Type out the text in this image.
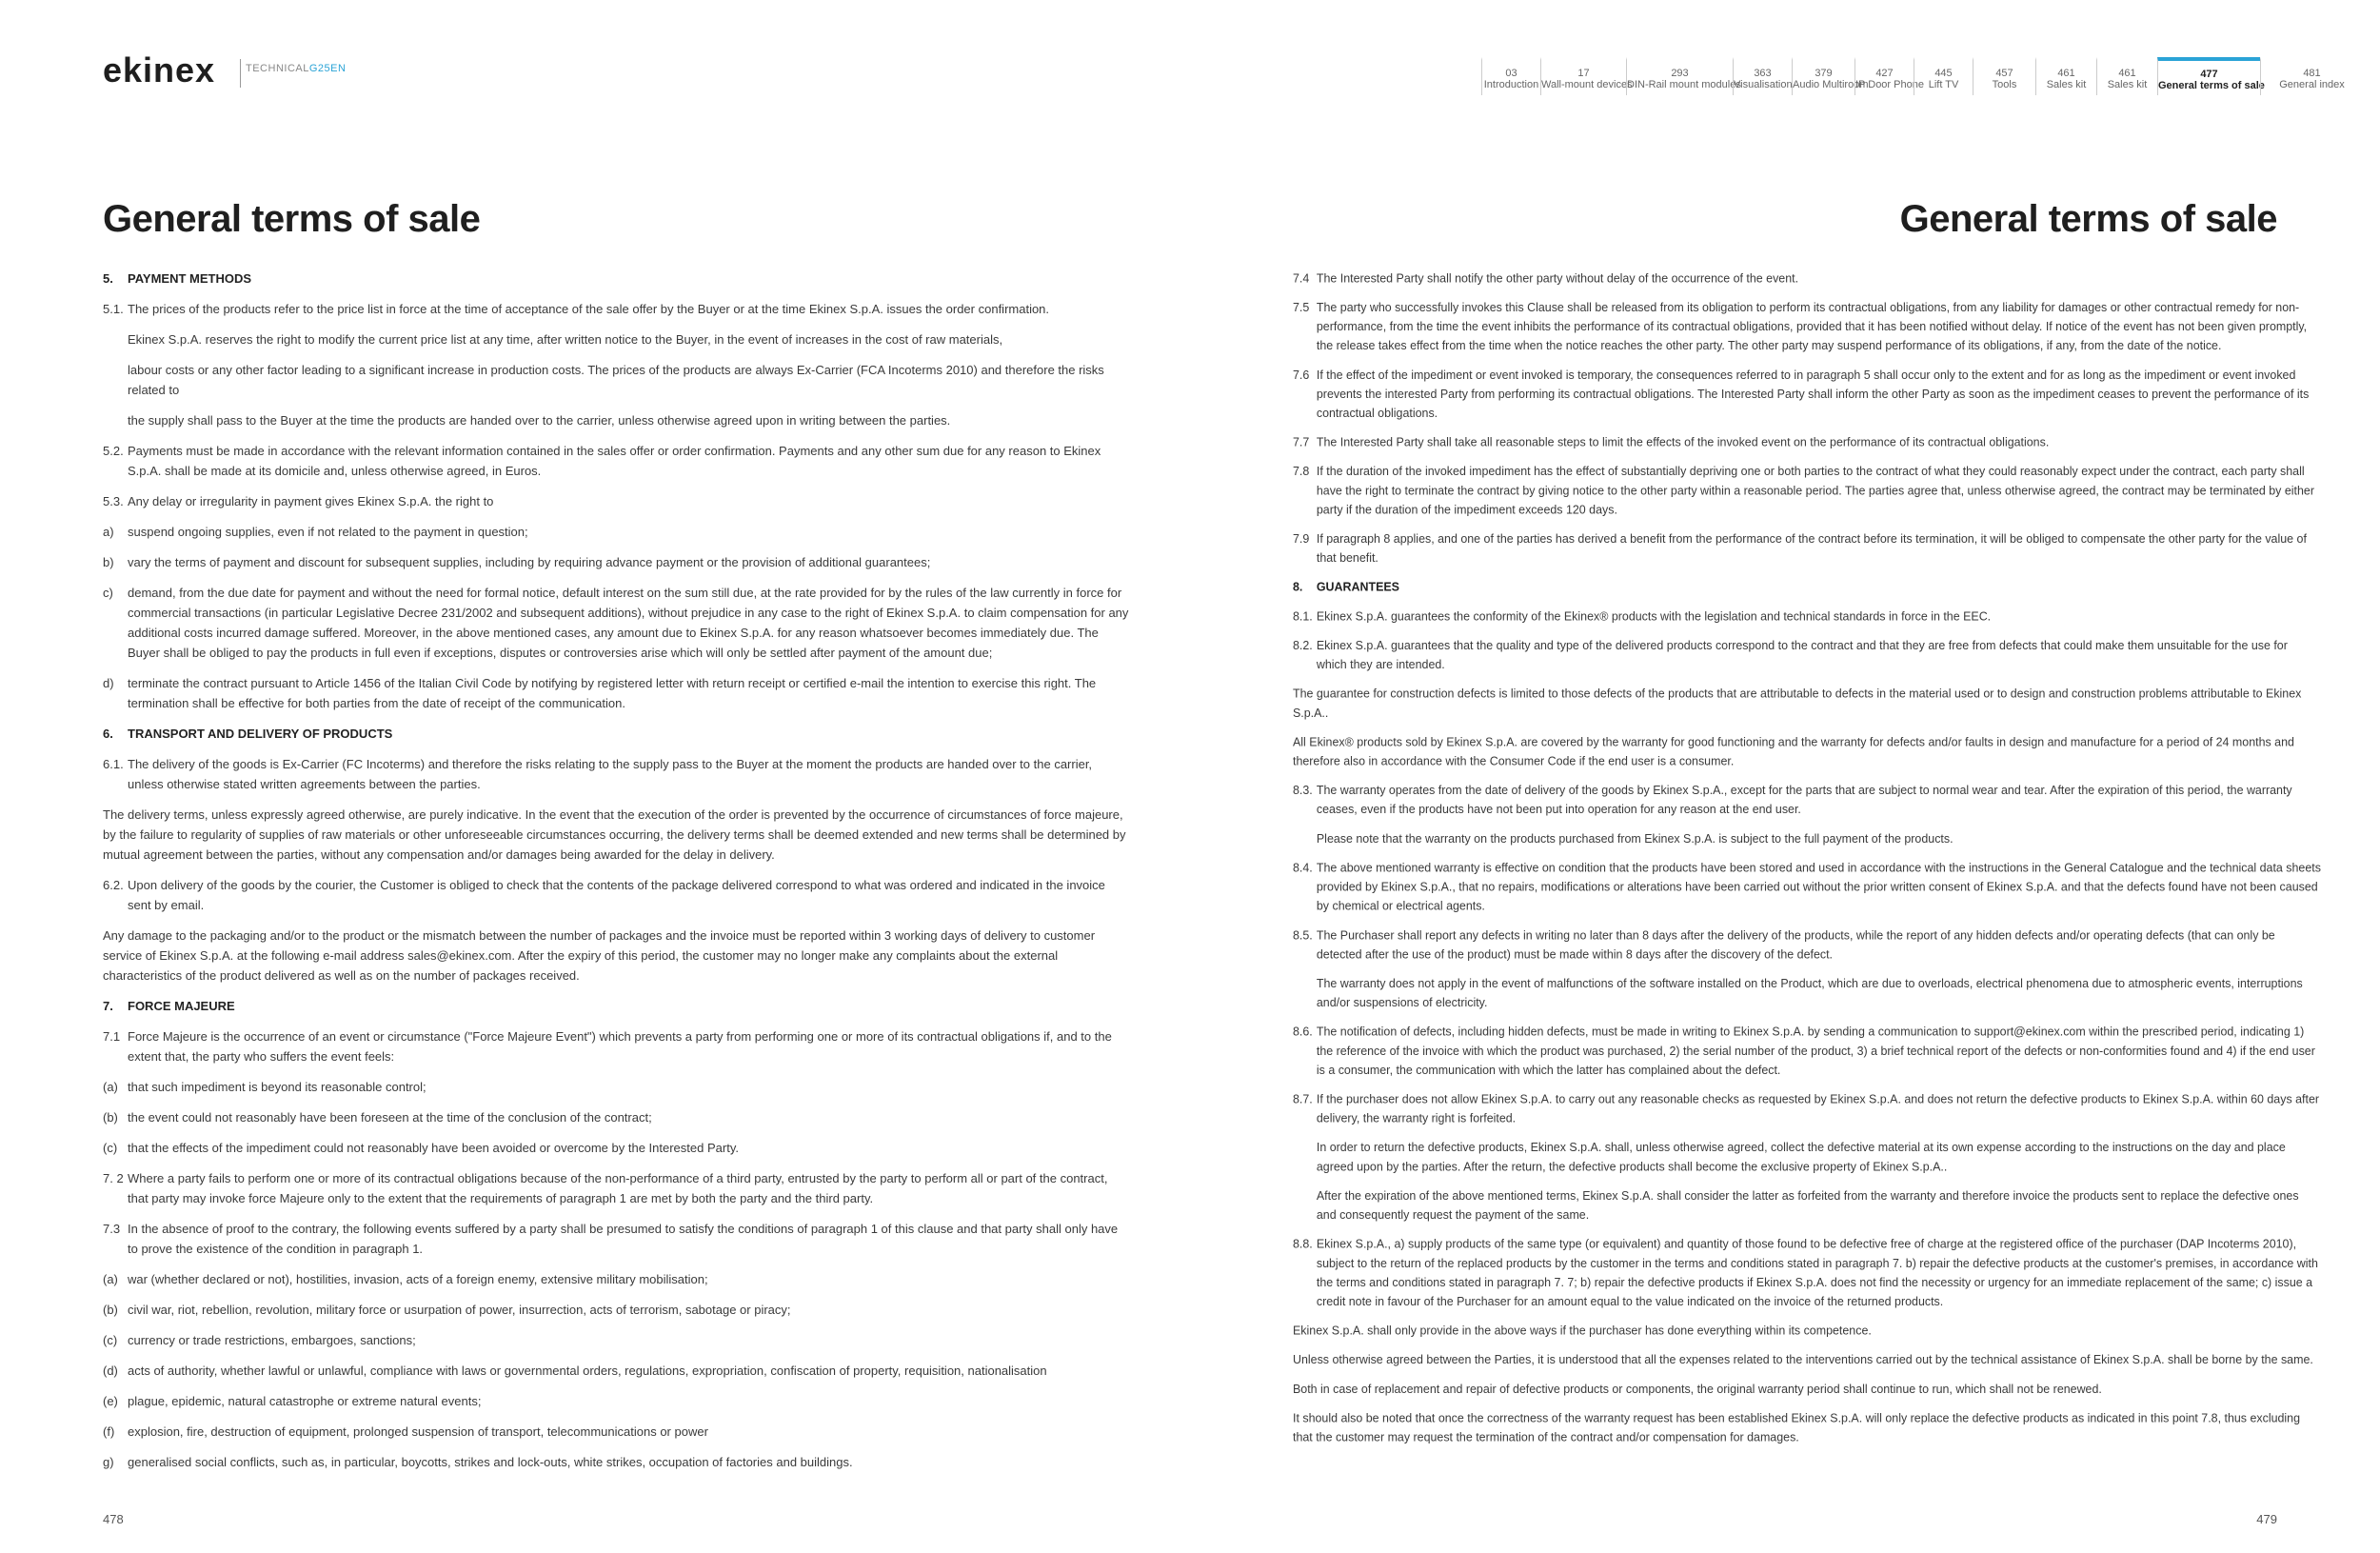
ekinex	TECHNICALG25EN	03
Introduction
17
Wall-mount devices
293
DIN-Rail mount modules
363
Visualisation
379
Audio Multiroom
427
IP Door Phone
445
Lift TV
457
Tools
461
Sales kit
461
Sales kit
477
General terms of sale
481
General index
General terms of sale	General terms of sale
5. PAYMENT METHODS
5.1. The prices of the products refer to the price list in force at the time of acceptance of the sale offer by the Buyer or at the time Ekinex S.p.A. issues the order confirmation.

Ekinex S.p.A. reserves the right to modify the current price list at any time, after written notice to the Buyer, in the event of increases in the cost of raw materials,

labour costs or any other factor leading to a significant increase in production costs. The prices of the products are always Ex-Carrier (FCA Incoterms 2010) and therefore the risks related to

the supply shall pass to the Buyer at the time the products are handed over to the carrier, unless otherwise agreed upon in writing between the parties.

5.2. Payments must be made in accordance with the relevant information contained in the sales offer or order confirmation. Payments and any other sum due for any reason to Ekinex S.p.A. shall be made at its domicile and, unless otherwise agreed, in Euros.
5.3. Any delay or irregularity in payment gives Ekinex S.p.A. the right to
a)	suspend ongoing supplies, even if not related to the payment in question;
b)	vary the terms of payment and discount for subsequent supplies, including by requiring advance payment or the provision of additional guarantees;
c)	demand, from the due date for payment and without the need for formal notice, default interest on the sum still due, at the rate provided for by the rules of the law currently in force for commercial transactions (in particular Legislative Decree 231/2002 and subsequent additions), without prejudice in any case to the right of Ekinex S.p.A. to claim compensation for any additional costs incurred damage suffered. Moreover, in the above mentioned cases, any amount due to Ekinex S.p.A. for any reason whatsoever becomes immediately due. The Buyer shall be obliged to pay the products in full even if exceptions, disputes or controversies arise which will only be settled after payment of the amount due;
d)	terminate the contract pursuant to Article 1456 of the Italian Civil Code by notifying by registered letter with return receipt or certified e-mail the intention to exercise this right. The termination shall be effective for both parties from the date of receipt of the communication.
6. TRANSPORT AND DELIVERY OF PRODUCTS
6.1. The delivery of the goods is Ex-Carrier (FC Incoterms) and therefore the risks relating to the supply pass to the Buyer at the moment the products are handed over to the carrier, unless otherwise stated written agreements between the parties.

The delivery terms, unless expressly agreed otherwise, are purely indicative. In the event that the execution of the order is prevented by the occurrence of circumstances of force majeure, by the failure to regularity of supplies of raw materials or other unforeseeable circumstances occurring, the delivery terms shall be deemed extended and new terms shall be determined by mutual agreement between the parties, without any compensation and/or damages being awarded for the delay in delivery.

6.2. Upon delivery of the goods by the courier, the Customer is obliged to check that the contents of the package delivered correspond to what was ordered and indicated in the invoice sent by email.

Any damage to the packaging and/or to the product or the mismatch between the number of packages and the invoice must be reported within 3 working days of delivery to customer service of Ekinex S.p.A. at the following e-mail address sales@ekinex.com. After the expiry of this period, the customer may no longer make any complaints about the external characteristics of the product delivered as well as on the number of packages received.

7. FORCE MAJEURE
7.1 Force Majeure is the occurrence of an event or circumstance ("Force Majeure Event") which prevents a party from performing one or more of its contractual obligations if, and to the extent that, the party who suffers the event feels:
(a) that such impediment is beyond its reasonable control;
(b) the event could not reasonably have been foreseen at the time of the conclusion of the contract;
(c) that the effects of the impediment could not reasonably have been avoided or overcome by the Interested Party.
7. 2 Where a party fails to perform one or more of its contractual obligations because of the non-performance of a third party, entrusted by the party to perform all or part of the contract, that party may invoke force Majeure only to the extent that the requirements of paragraph 1 are met by both the party and the third party.
7.3 In the absence of proof to the contrary, the following events suffered by a party shall be presumed to satisfy the conditions of paragraph 1 of this clause and that party shall only have to prove the existence of the condition in paragraph 1.
(a) war (whether declared or not), hostilities, invasion, acts of a foreign enemy, extensive military mobilisation;
(b) civil war, riot, rebellion, revolution, military force or usurpation of power, insurrection, acts of terrorism, sabotage or piracy;
(c) currency or trade restrictions, embargoes, sanctions;
(d) acts of authority, whether lawful or unlawful, compliance with laws or governmental orders, regulations, expropriation, confiscation of property, requisition, nationalisation
(e) plague, epidemic, natural catastrophe or extreme natural events;
(f)	explosion, fire, destruction of equipment, prolonged suspension of transport, telecommunications or power
g)	generalised social conflicts, such as, in particular, boycotts, strikes and lock-outs, white strikes, occupation of factories and buildings.
7.4 The Interested Party shall notify the other party without delay of the occurrence of the event.
7.5 The party who successfully invokes this Clause shall be released from its obligation to perform its contractual obligations, from any liability for damages or other contractual remedy for non-performance, from the time the event inhibits the performance of its contractual obligations, provided that it has been notified without delay. If notice of the event has not been given promptly, the release takes effect from the time when the notice reaches the other party. The other party may suspend performance of its obligations, if any, from the date of the notice.
7.6 If the effect of the impediment or event invoked is temporary, the consequences referred to in paragraph 5 shall occur only to the extent and for as long as the impediment or event invoked prevents the interested Party from performing its contractual obligations. The Interested Party shall inform the other Party as soon as the impediment ceases to prevent the performance of its contractual obligations.
7.7 The Interested Party shall take all reasonable steps to limit the effects of the invoked event on the performance of its contractual obligations.
7.8 If the duration of the invoked impediment has the effect of substantially depriving one or both parties to the contract of what they could reasonably expect under the contract, each party shall have the right to terminate the contract by giving notice to the other party within a reasonable period. The parties agree that, unless otherwise agreed, the contract may be terminated by either party if the duration of the impediment exceeds 120 days.
7.9 If paragraph 8 applies, and one of the parties has derived a benefit from the performance of the contract before its termination, it will be obliged to compensate the other party for the value of that benefit.
8. GUARANTEES
8.1. Ekinex S.p.A. guarantees the conformity of the Ekinex® products with the legislation and technical standards in force in the EEC.
8.2. Ekinex S.p.A. guarantees that the quality and type of the delivered products correspond to the contract and that they are free from defects that could make them unsuitable for the use for which they are intended.

The guarantee for construction defects is limited to those defects of the products that are attributable to defects in the material used or to design and construction problems attributable to Ekinex S.p.A..

All Ekinex® products sold by Ekinex S.p.A. are covered by the warranty for good functioning and the warranty for defects and/or faults in design and manufacture for a period of 24 months and therefore also in accordance with the Consumer Code if the end user is a consumer.

8.3. The warranty operates from the date of delivery of the goods by Ekinex S.p.A., except for the parts that are subject to normal wear and tear. After the expiration of this period, the warranty ceases, even if the products have not been put into operation for any reason at the end user.

Please note that the warranty on the products purchased from Ekinex S.p.A. is subject to the full payment of the products.

8.4. The above mentioned warranty is effective on condition that the products have been stored and used in accordance with the instructions in the General Catalogue and the technical data sheets provided by Ekinex S.p.A., that no repairs, modifications or alterations have been carried out without the prior written consent of Ekinex S.p.A. and that the defects found have not been caused by chemical or electrical agents.
8.5. The Purchaser shall report any defects in writing no later than 8 days after the delivery of the products, while the report of any hidden defects and/or operating defects (that can only be detected after the use of the product) must be made within 8 days after the discovery of the defect.

The warranty does not apply in the event of malfunctions of the software installed on the Product, which are due to overloads, electrical phenomena due to atmospheric events, interruptions and/or suspensions of electricity.

8.6. The notification of defects, including hidden defects, must be made in writing to Ekinex S.p.A. by sending a communication to support@ekinex.com within the prescribed period, indicating 1) the reference of the invoice with which the product was purchased, 2) the serial number of the product, 3) a brief technical report of the defects or non-conformities found and 4) if the end user is a consumer, the communication with which the latter has complained about the defect.
8.7. If the purchaser does not allow Ekinex S.p.A. to carry out any reasonable checks as requested by Ekinex S.p.A. and does not return the defective products to Ekinex S.p.A. within 60 days after delivery, the warranty right is forfeited.

In order to return the defective products, Ekinex S.p.A. shall, unless otherwise agreed, collect the defective material at its own expense according to the instructions on the day and place agreed upon by the parties. After the return, the defective products shall become the exclusive property of Ekinex S.p.A..

After the expiration of the above mentioned terms, Ekinex S.p.A. shall consider the latter as forfeited from the warranty and therefore invoice the products sent to replace the defective ones and consequently request the payment of the same.

8.8. Ekinex S.p.A., a) supply products of the same type (or equivalent) and quantity of those found to be defective free of charge at the registered office of the purchaser (DAP Incoterms 2010), subject to the return of the replaced products by the customer in the terms and conditions stated in paragraph 7. b) repair the defective products at the customer's premises, in accordance with the terms and conditions stated in paragraph 7. 7; b) repair the defective products if Ekinex S.p.A. does not find the necessity or urgency for an immediate replacement of the same; c) issue a credit note in favour of the Purchaser for an amount equal to the value indicated on the invoice of the returned products.

Ekinex S.p.A. shall only provide in the above ways if the purchaser has done everything within its competence.

Unless otherwise agreed between the Parties, it is understood that all the expenses related to the interventions carried out by the technical assistance of Ekinex S.p.A. shall be borne by the same.

Both in case of replacement and repair of defective products or components, the original warranty period shall continue to run, which shall not be renewed.

It should also be noted that once the correctness of the warranty request has been established Ekinex S.p.A. will only replace the defective products as indicated in this point 7.8, thus excluding that the customer may request the termination of the contract and/or compensation for damages.

478	479
